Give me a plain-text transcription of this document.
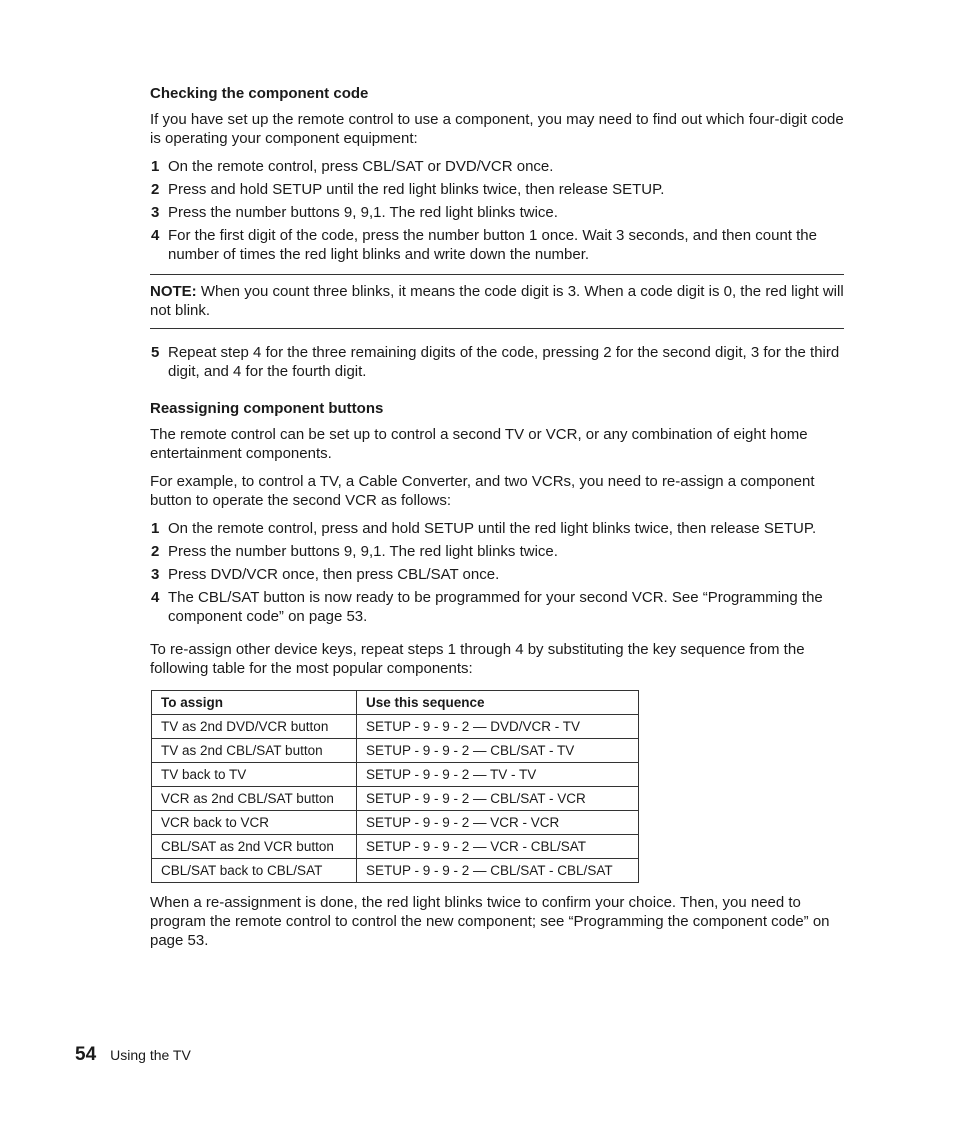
Checking the component code

If you have set up the remote control to use a component, you may need to find out which four-digit code is operating your component equipment:

1 On the remote control, press CBL/SAT or DVD/VCR once.
2 Press and hold SETUP until the red light blinks twice, then release SETUP.
3 Press the number buttons 9, 9,1. The red light blinks twice.
4 For the first digit of the code, press the number button 1 once. Wait 3 seconds, and then count the number of times the red light blinks and write down the number.
NOTE: When you count three blinks, it means the code digit is 3. When a code digit is 0, the red light will not blink.
5 Repeat step 4 for the three remaining digits of the code, pressing 2 for the second digit, 3 for the third digit, and 4 for the fourth digit.
Reassigning component buttons

The remote control can be set up to control a second TV or VCR, or any combination of eight home entertainment components.

For example, to control a TV, a Cable Converter, and two VCRs, you need to re-assign a component button to operate the second VCR as follows:

1 On the remote control, press and hold SETUP until the red light blinks twice, then release SETUP.
2 Press the number buttons 9, 9,1. The red light blinks twice.
3 Press DVD/VCR once, then press CBL/SAT once.
4 The CBL/SAT button is now ready to be programmed for your second VCR. See “Programming the component code” on page 53.

To re-assign other device keys, repeat steps 1 through 4 by substituting the key sequence from the following table for the most popular components:

To assign	Use this sequence
TV as 2nd DVD/VCR button	SETUP - 9 - 9 - 2 — DVD/VCR - TV
TV as 2nd CBL/SAT button	SETUP - 9 - 9 - 2 — CBL/SAT - TV
TV back to TV	SETUP - 9 - 9 - 2 — TV - TV
VCR as 2nd CBL/SAT button	SETUP - 9 - 9 - 2 — CBL/SAT - VCR
VCR back to VCR	SETUP - 9 - 9 - 2 — VCR - VCR
CBL/SAT as 2nd VCR button	SETUP - 9 - 9 - 2 — VCR - CBL/SAT
CBL/SAT back to CBL/SAT	SETUP - 9 - 9 - 2 — CBL/SAT - CBL/SAT

When a re-assignment is done, the red light blinks twice to confirm your choice. Then, you need to program the remote control to control the new component; see “Programming the component code” on page 53.

54 Using the TV
